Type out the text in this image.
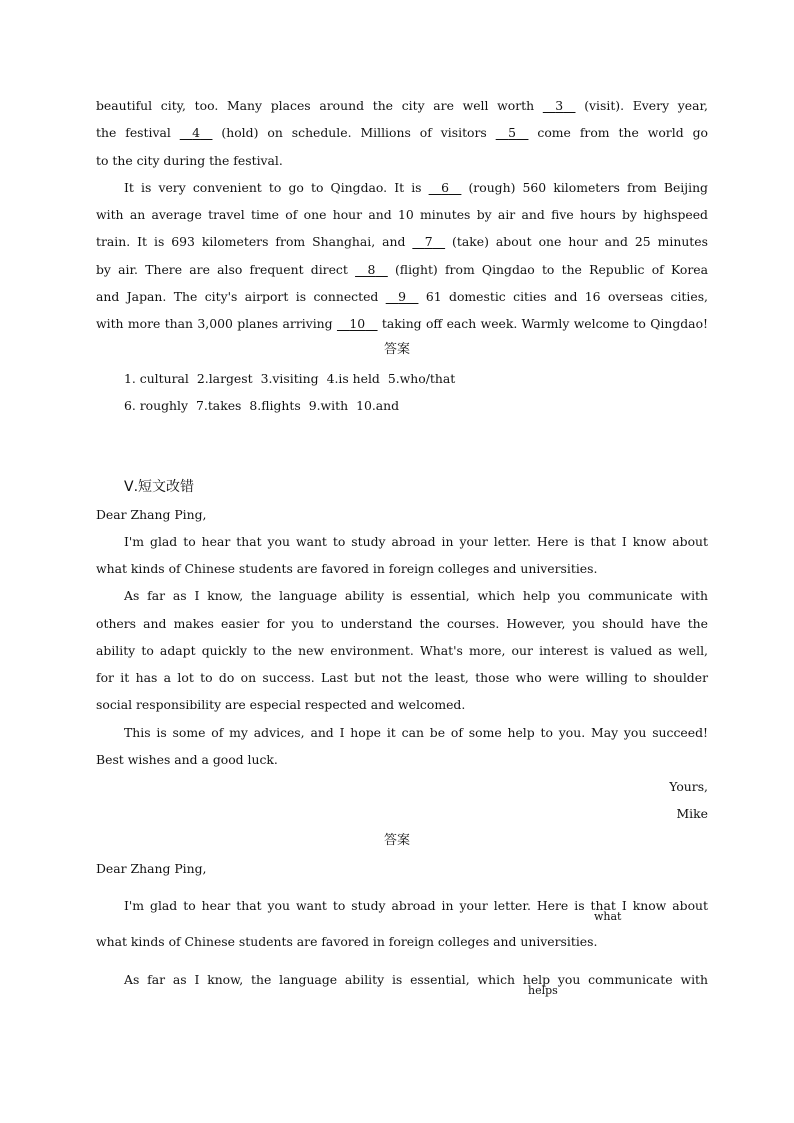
beautiful city, too. Many places around the city are well worth __3__ (visit). Every year,
the festival __4__ (hold) on schedule. Millions of visitors __5__ come from the world go
to the city during the festival.
It is very convenient to go to Qingdao. It is __6__ (rough) 560 kilometers from Beijing
with an average travel time of one hour and 10 minutes by air and five hours by highspeed
train. It is 693 kilometers from Shanghai, and __7__ (take) about one hour and 25 minutes
by air. There are also frequent direct __8__ (flight) from Qingdao to the Republic of Korea
and Japan. The city's airport is connected __9__ 61 domestic cities and 16 overseas cities,
with more than 3,000 planes arriving __10__ taking off each week. Warmly welcome to Qingdao!
答案
1. cultural 2.largest 3.visiting 4.is held 5.who/that
6. roughly 7.takes 8.flights 9.with 10.and
Ⅴ.短文改错
Dear Zhang Ping,
I'm glad to hear that you want to study abroad in your letter. Here is that I know about
what kinds of Chinese students are favored in foreign colleges and universities.
As far as I know, the language ability is essential, which help you communicate with
others and makes easier for you to understand the courses. However, you should have the
ability to adapt quickly to the new environment. What's more, our interest is valued as well,
for it has a lot to do on success. Last but not the least, those who were willing to shoulder
social responsibility are especial respected and welcomed.
This is some of my advices, and I hope it can be of some help to you. May you succeed!
Best wishes and a good luck.
Yours,
Mike
答案
Dear Zhang Ping,
I'm glad to hear that you want to study abroad in your letter. Here is that I know about
what
what kinds of Chinese students are favored in foreign colleges and universities.
As far as I know, the language ability is essential, which help you communicate with
helps
